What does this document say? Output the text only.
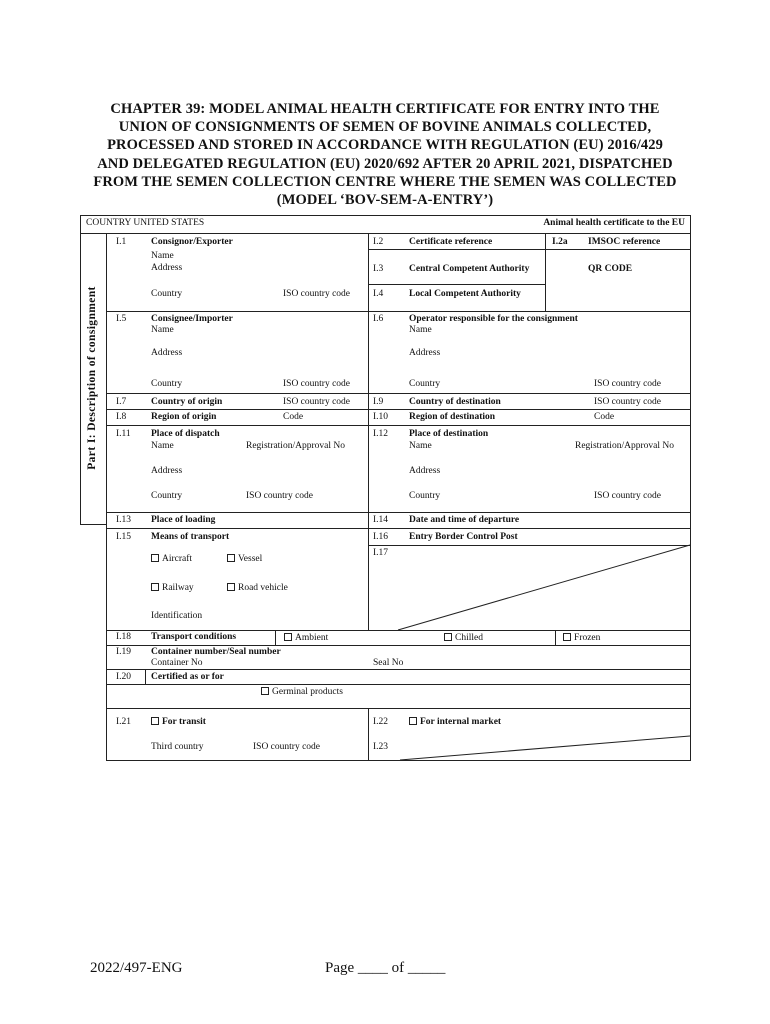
CHAPTER 39: MODEL ANIMAL HEALTH CERTIFICATE FOR ENTRY INTO THE UNION OF CONSIGNMENTS OF SEMEN OF BOVINE ANIMALS COLLECTED, PROCESSED AND STORED IN ACCORDANCE WITH REGULATION (EU) 2016/429 AND DELEGATED REGULATION (EU) 2020/692 AFTER 20 APRIL 2021, DISPATCHED FROM THE SEMEN COLLECTION CENTRE WHERE THE SEMEN WAS COLLECTED (MODEL ‘BOV-SEM-A-ENTRY’)
COUNTRY UNITED STATES	Animal health certificate to the EU
Part I: Description of consignment
I.1	Consignor/Exporter
Name
Address
Country	ISO country code
I.2	Certificate reference	I.2a IMSOC reference
QR CODE
I.3	Central Competent Authority
I.4	Local Competent Authority
I.5	Consignee/Importer
Name
Address
Country	ISO country code
I.6	Operator responsible for the consignment
Name
Address
Country	ISO country code
I.7	Country of origin	ISO country code I.9	Country of destination	ISO country code
I.8	Region of origin	Code	I.10 Region of destination	Code
I.11 Place of dispatch
Name	Registration/Approval No
Address
Country	ISO country code
I.12 Place of destination
Name	Registration/Approval No
Address
Country	ISO country code
I.13 Place of loading	I.14 Date and time of departure
I.15 Means of transport
Aircraft	Vessel
Railway	Road vehicle
Identification
I.16 Entry Border Control Post
I.17
I.18 Transport conditions	Ambient	Chilled	Frozen
I.19 Container number/Seal number
Container No	Seal No
I.20 Certified as or for
Germinal products
I.21	For transit
Third country	ISO country code
I.22	For internal market
I.23
2022/497-ENG	Page ____ of _____
